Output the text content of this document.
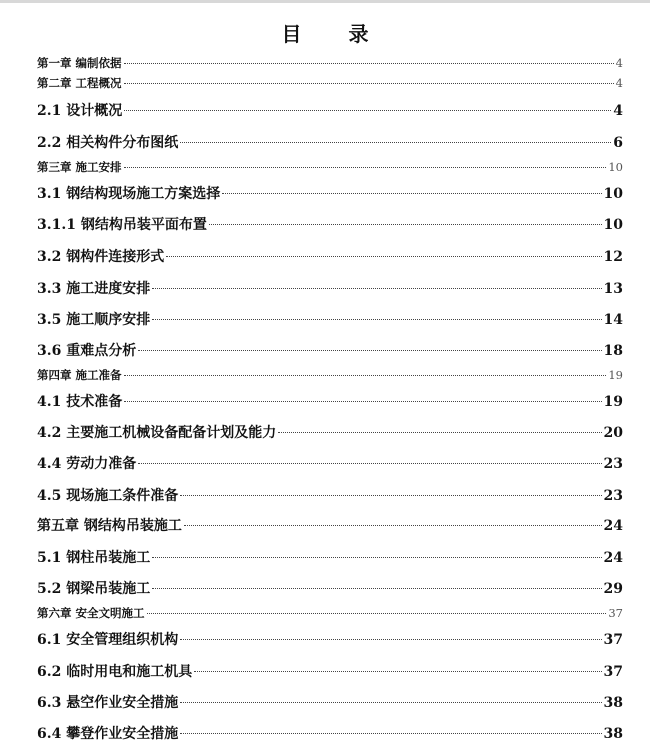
目 录
第一章 编制依据	4
第二章 工程概况	4
2.1 设计概况	4
2.2 相关构件分布图纸	6
第三章 施工安排	10
3.1 钢结构现场施工方案选择	10
3.1.1 钢结构吊装平面布置	10
3.2 钢构件连接形式	12
3.3 施工进度安排	13
3.5 施工顺序安排	14
3.6 重难点分析	18
第四章 施工准备	19
4.1 技术准备	19
4.2 主要施工机械设备配备计划及能力	20
4.4 劳动力准备	23
4.5 现场施工条件准备	23
第五章 钢结构吊装施工	24
5.1 钢柱吊装施工	24
5.2 钢梁吊装施工	29
第六章 安全文明施工	37
6.1 安全管理组织机构	37
6.2 临时用电和施工机具	37
6.3 悬空作业安全措施	38
6.4 攀登作业安全措施	38
